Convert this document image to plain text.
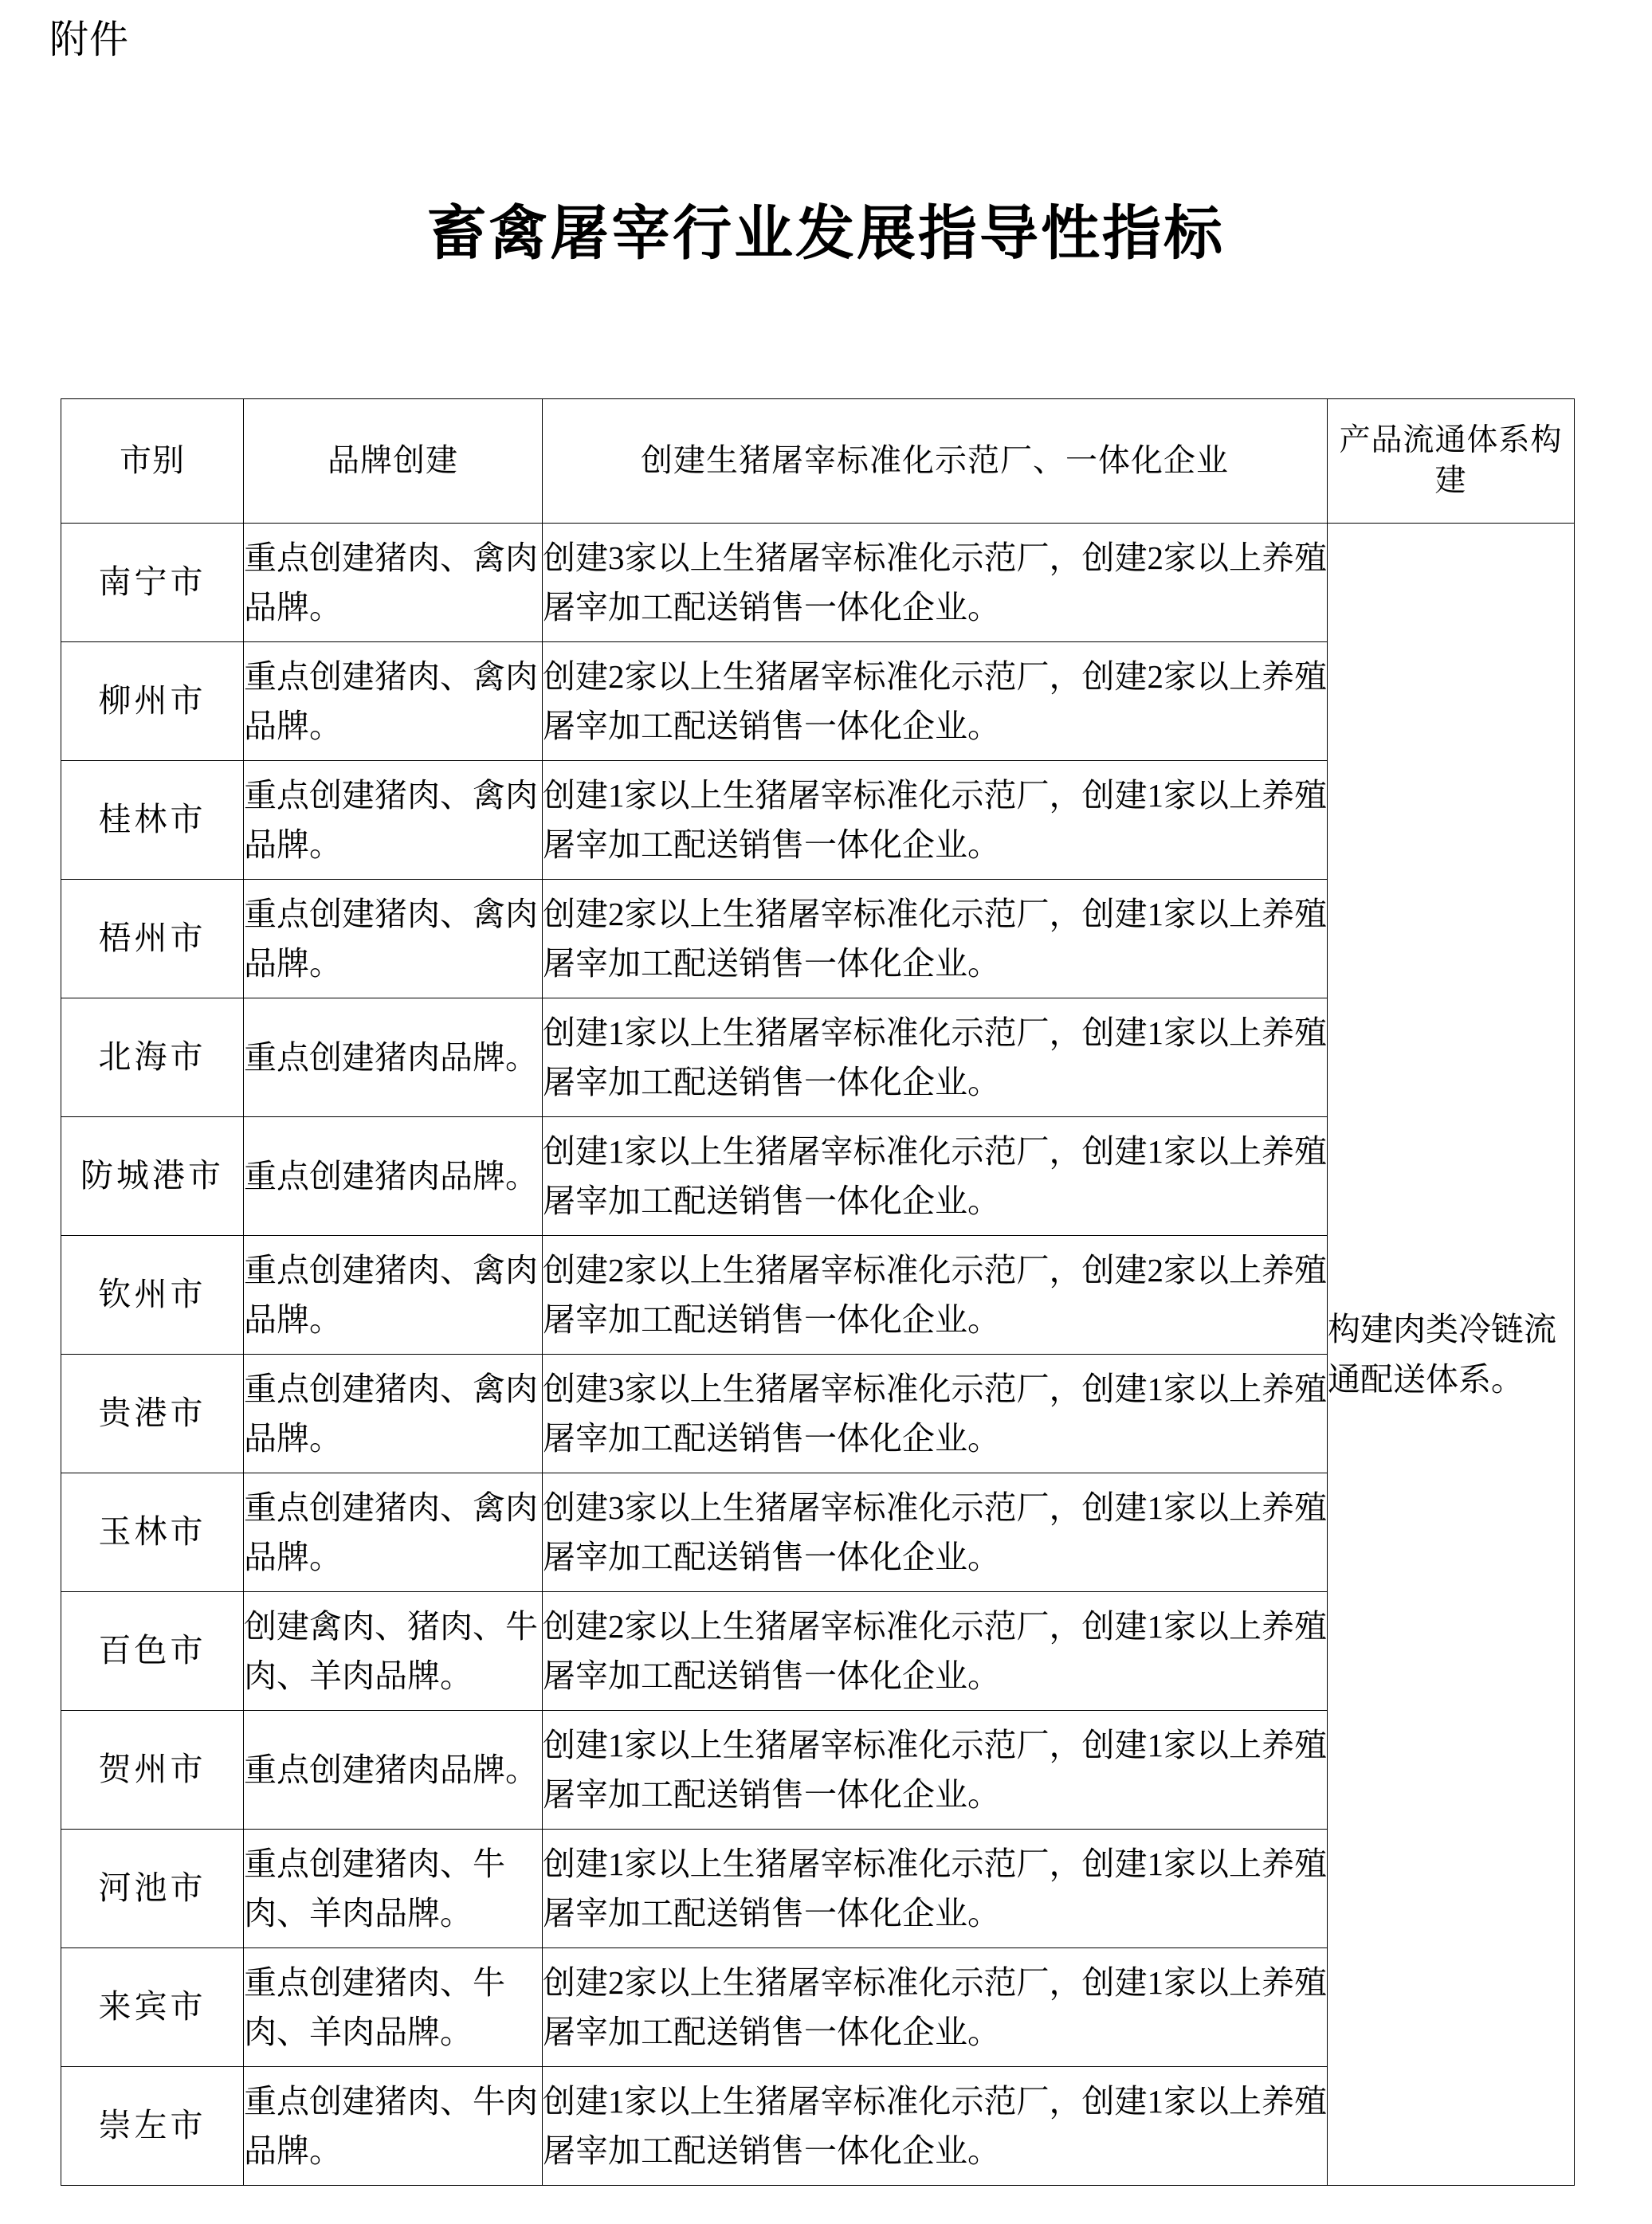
附件
畜禽屠宰行业发展指导性指标
市别	品牌创建	创建生猪屠宰标准化示范厂、一体化企业	产品流通体系构建
南宁市	重点创建猪肉、禽肉品牌。	创建3家以上生猪屠宰标准化示范厂，创建2家以上养殖屠宰加工配送销售一体化企业。	构建肉类冷链流通配送体系。
柳州市	重点创建猪肉、禽肉品牌。	创建2家以上生猪屠宰标准化示范厂，创建2家以上养殖屠宰加工配送销售一体化企业。	
桂林市	重点创建猪肉、禽肉品牌。	创建1家以上生猪屠宰标准化示范厂，创建1家以上养殖屠宰加工配送销售一体化企业。	
梧州市	重点创建猪肉、禽肉品牌。	创建2家以上生猪屠宰标准化示范厂，创建1家以上养殖屠宰加工配送销售一体化企业。	
北海市	重点创建猪肉品牌。	创建1家以上生猪屠宰标准化示范厂，创建1家以上养殖屠宰加工配送销售一体化企业。	
防城港市	重点创建猪肉品牌。	创建1家以上生猪屠宰标准化示范厂，创建1家以上养殖屠宰加工配送销售一体化企业。	
钦州市	重点创建猪肉、禽肉品牌。	创建2家以上生猪屠宰标准化示范厂，创建2家以上养殖屠宰加工配送销售一体化企业。	
贵港市	重点创建猪肉、禽肉品牌。	创建3家以上生猪屠宰标准化示范厂，创建1家以上养殖屠宰加工配送销售一体化企业。	
玉林市	重点创建猪肉、禽肉品牌。	创建3家以上生猪屠宰标准化示范厂，创建1家以上养殖屠宰加工配送销售一体化企业。	
百色市	创建禽肉、猪肉、牛肉、羊肉品牌。	创建2家以上生猪屠宰标准化示范厂，创建1家以上养殖屠宰加工配送销售一体化企业。	
贺州市	重点创建猪肉品牌。	创建1家以上生猪屠宰标准化示范厂，创建1家以上养殖屠宰加工配送销售一体化企业。	
河池市	重点创建猪肉、牛肉、羊肉品牌。	创建1家以上生猪屠宰标准化示范厂，创建1家以上养殖屠宰加工配送销售一体化企业。	
来宾市	重点创建猪肉、牛肉、羊肉品牌。	创建2家以上生猪屠宰标准化示范厂，创建1家以上养殖屠宰加工配送销售一体化企业。	
崇左市	重点创建猪肉、牛肉品牌。	创建1家以上生猪屠宰标准化示范厂，创建1家以上养殖屠宰加工配送销售一体化企业。	
